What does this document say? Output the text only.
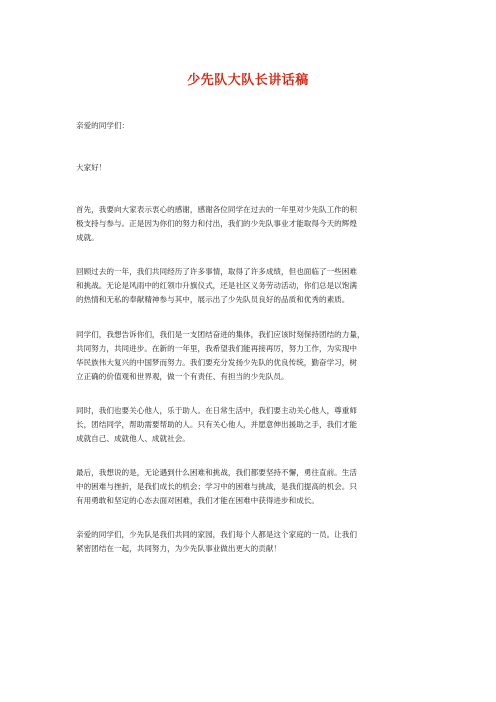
少先队大队长讲话稿
亲爱的同学们：
大家好！
首先，我要向大家表示衷心的感谢，感谢各位同学在过去的一年里对少先队工作的积
极支持与参与。正是因为你们的努力和付出，我们的少先队事业才能取得今天的辉煌
成就。
回顾过去的一年，我们共同经历了许多事情，取得了许多成绩，但也面临了一些困难
和挑战。无论是风雨中的红领巾升旗仪式，还是社区义务劳动活动，你们总是以饱满
的热情和无私的奉献精神参与其中，展示出了少先队员良好的品质和优秀的素质。
同学们，我想告诉你们，我们是一支团结奋进的集体，我们应该时刻保持团结的力量，
共同努力，共同进步。在新的一年里，我希望我们能再接再厉，努力工作，为实现中
华民族伟大复兴的中国梦而努力。我们要充分发扬少先队的优良传统，勤奋学习，树
立正确的价值观和世界观，做一个有责任、有担当的少先队员。
同时，我们也要关心他人，乐于助人。在日常生活中，我们要主动关心他人，尊重师
长，团结同学，帮助需要帮助的人。只有关心他人，并愿意伸出援助之手，我们才能
成就自己、成就他人、成就社会。
最后，我想说的是，无论遇到什么困难和挑战，我们都要坚持不懈，勇往直前。生活
中的困难与挫折，是我们成长的机会；学习中的困难与挑战，是我们提高的机会。只
有用勇敢和坚定的心态去面对困难，我们才能在困难中获得进步和成长。
亲爱的同学们，少先队是我们共同的家园，我们每个人都是这个家庭的一员。让我们
紧密团结在一起，共同努力，为少先队事业做出更大的贡献！
